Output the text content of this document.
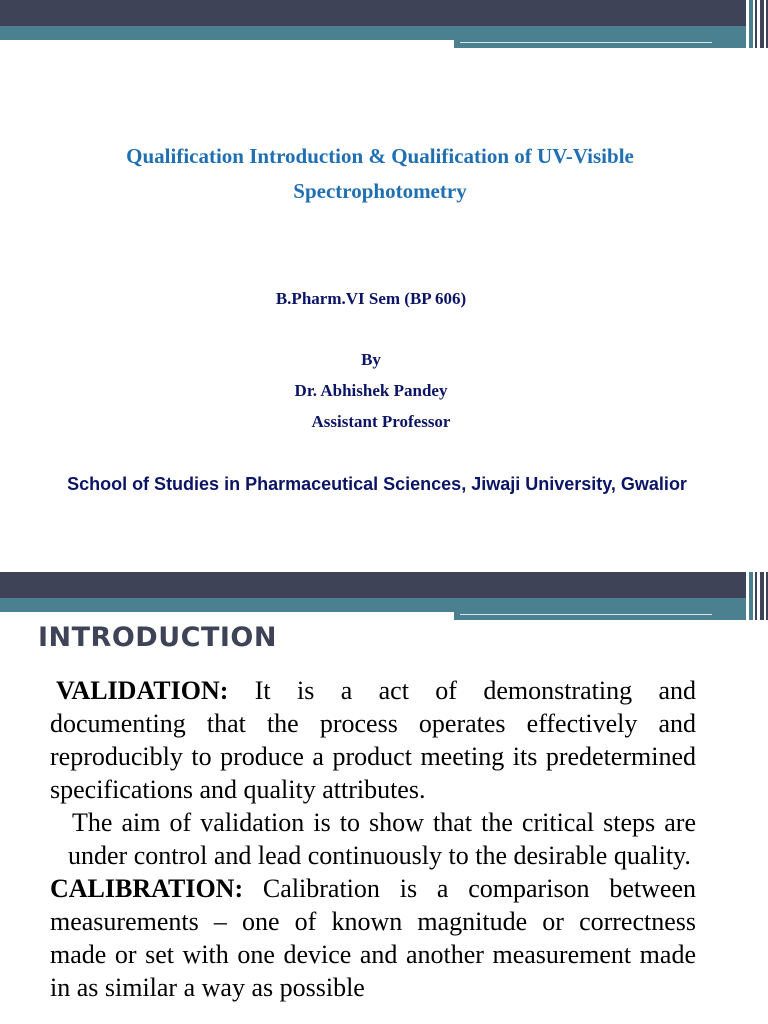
Qualification Introduction & Qualification of UV-Visible Spectrophotometry
B.Pharm.VI Sem (BP 606)
By
Dr. Abhishek Pandey
Assistant Professor
School of Studies in Pharmaceutical Sciences, Jiwaji University, Gwalior
INTRODUCTION

VALIDATION: It is a act of demonstrating and documenting that the process operates effectively and reproducibly to produce a product meeting its predetermined specifications and quality attributes.

The aim of validation is to show that the critical steps are under control and lead continuously to the desirable quality.

CALIBRATION: Calibration is a comparison between measurements – one of known magnitude or correctness made or set with one device and another measurement made in as similar a way as possible
